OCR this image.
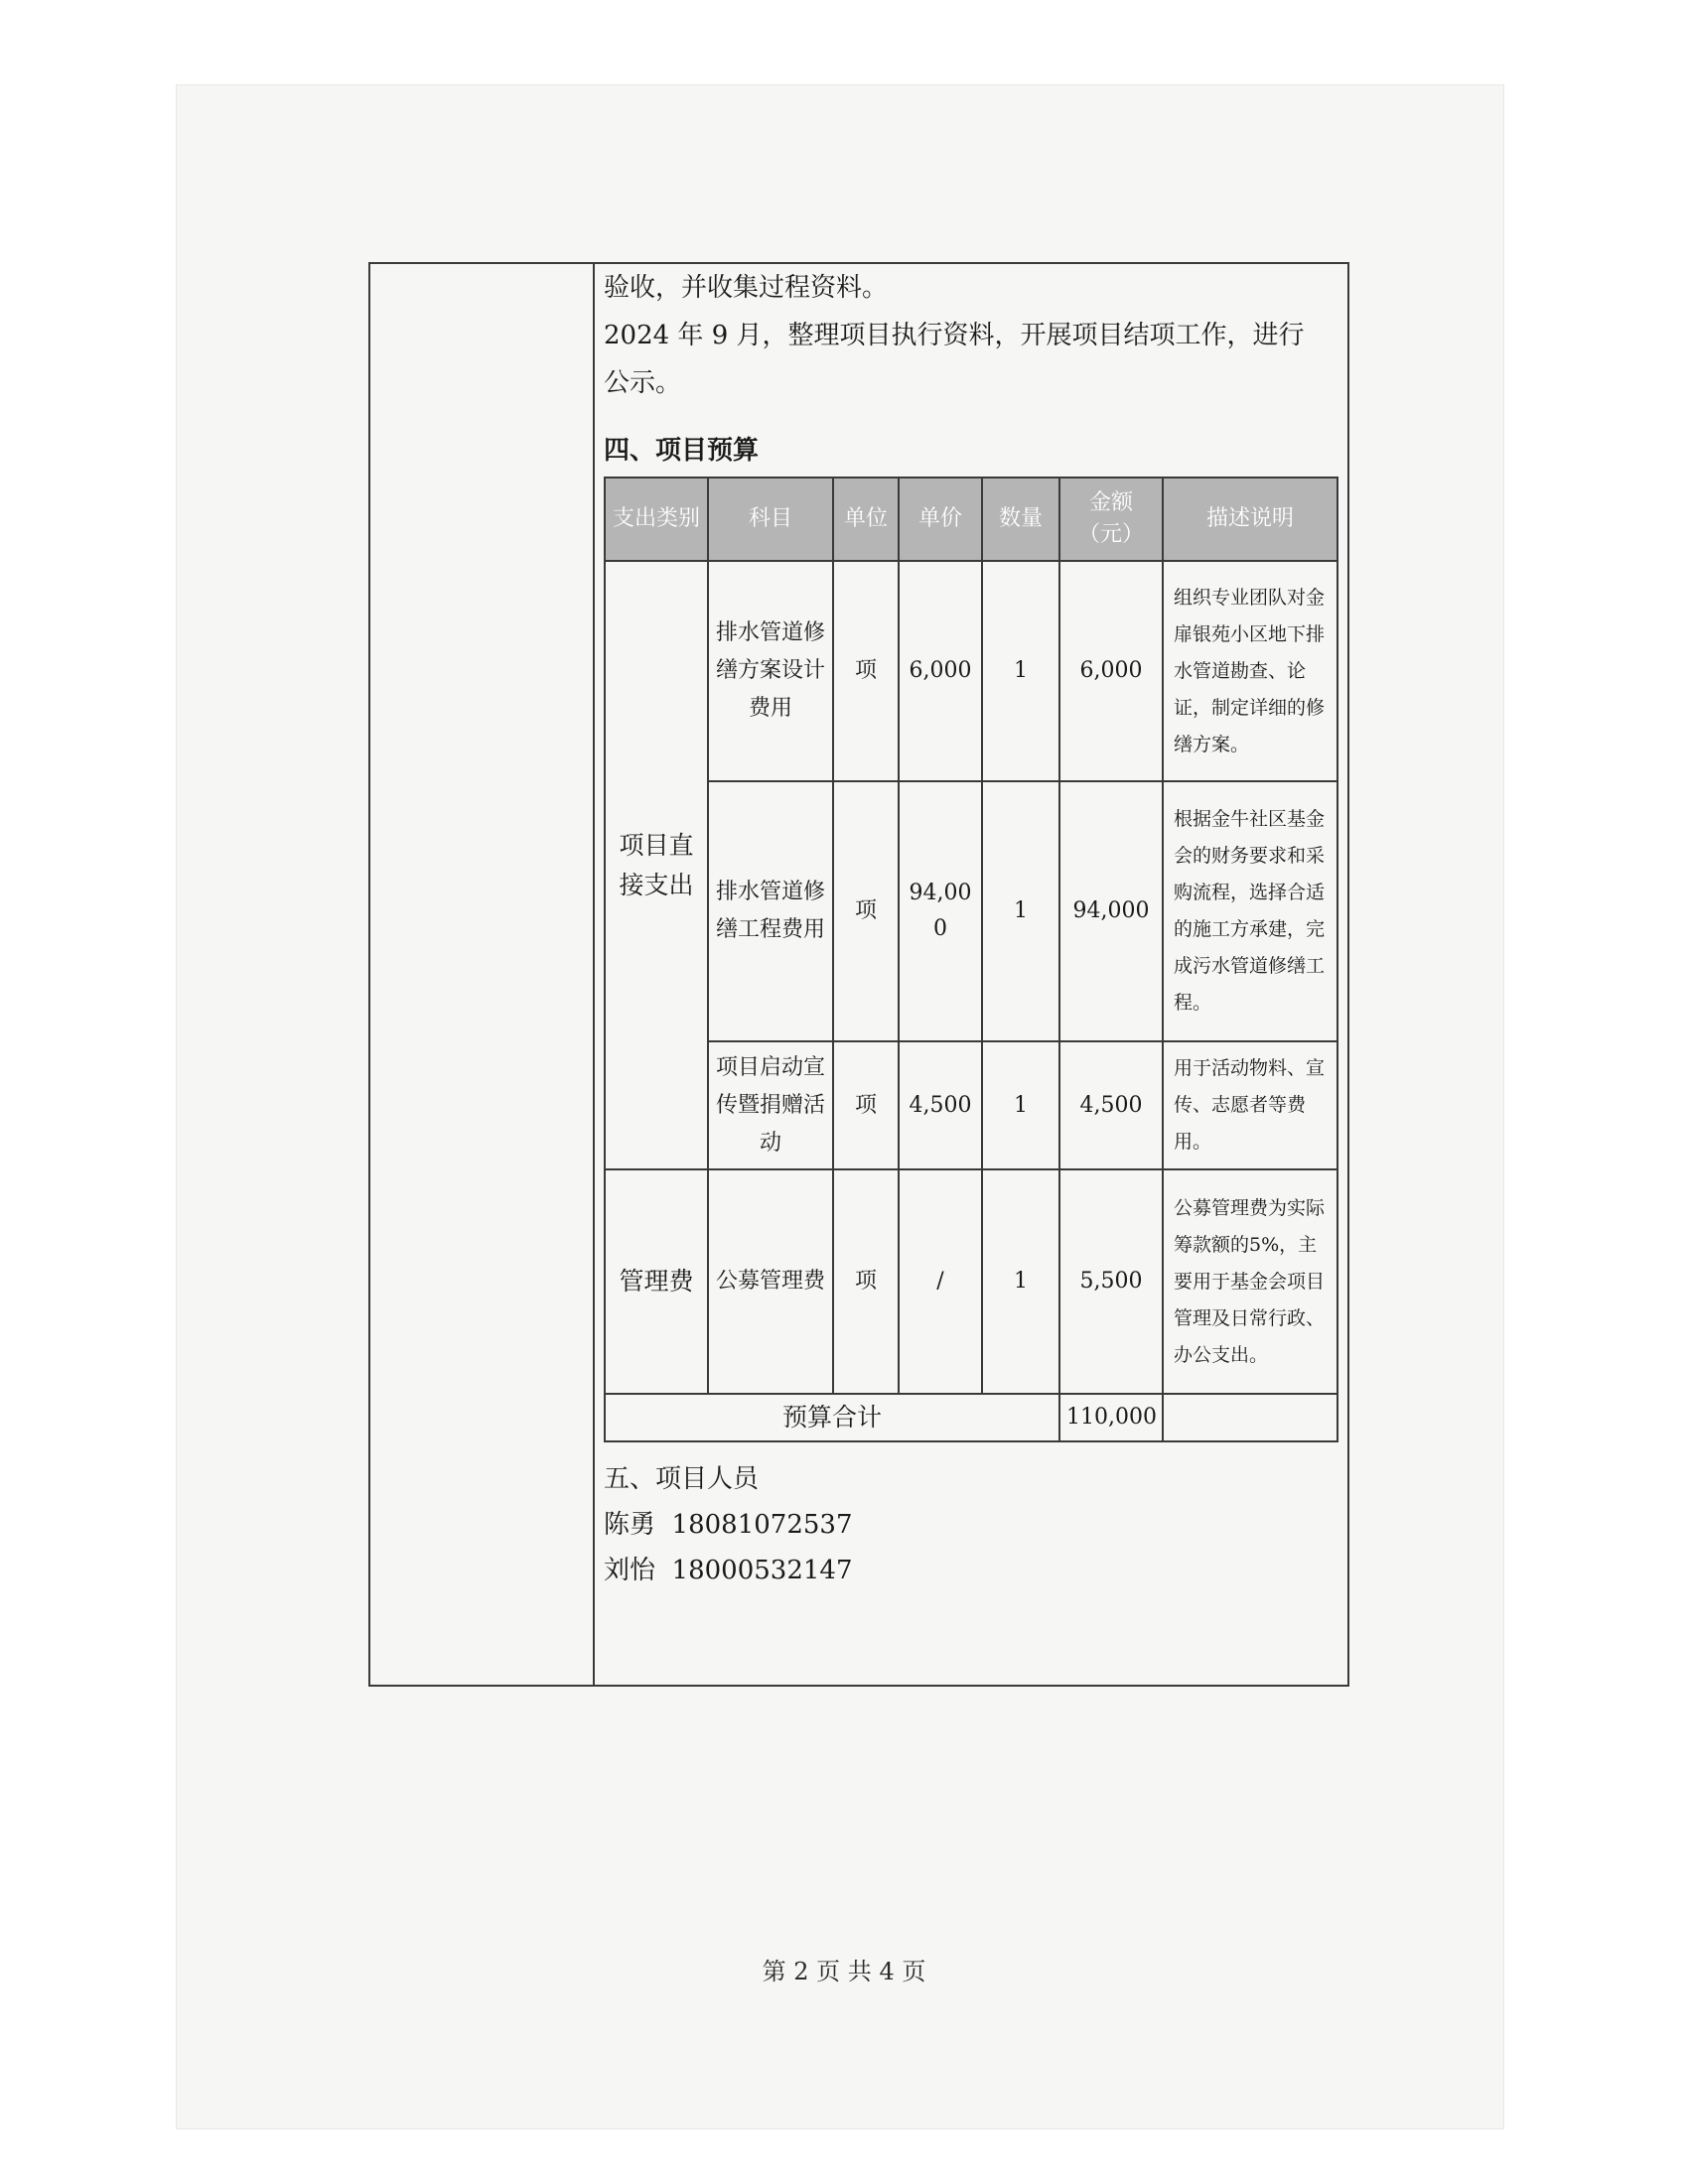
验收，并收集过程资料。

2024 年 9 月，整理项目执行资料，开展项目结项工作，进行

公示。

四、项目预算

支出类别	科目	单位	单价	数量	金额（元）	描述说明
项目直接支出	排水管道修缮方案设计费用	项	6,000	1	6,000	组织专业团队对金扉银苑小区地下排水管道勘查、论证，制定详细的修缮方案。
	排水管道修缮工程费用	项	94,000	1	94,000	根据金牛社区基金会的财务要求和采购流程，选择合适的施工方承建，完成污水管道修缮工程。
	项目启动宣传暨捐赠活动	项	4,500	1	4,500	用于活动物料、宣传、志愿者等费用。
管理费	公募管理费	项	/	1	5,500	公募管理费为实际筹款额的5%，主要用于基金会项目管理及日常行政、办公支出。
预算合计					110,000	

五、项目人员

陈勇 18081072537

刘怡 18000532147

第 2 页 共 4 页
